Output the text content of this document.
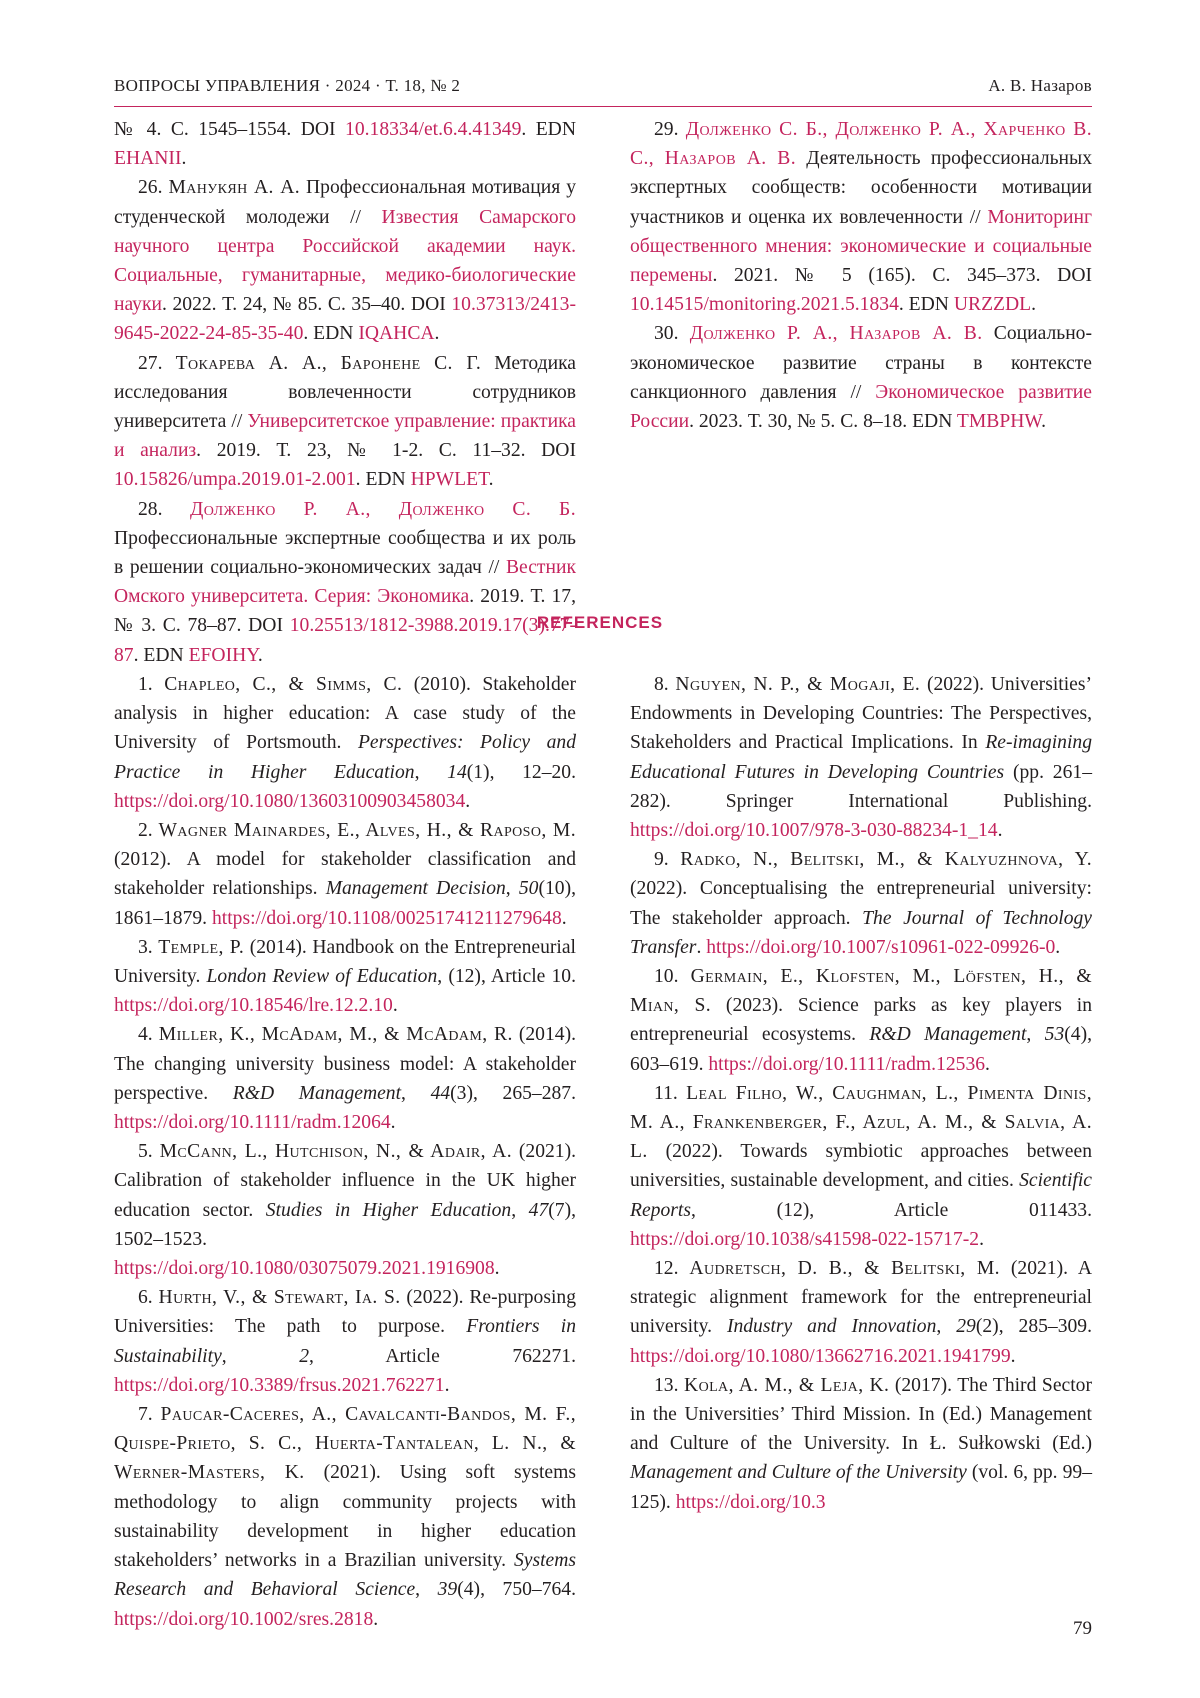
ВОПРОСЫ УПРАВЛЕНИЯ · 2024 · Т. 18, № 2	А. В. Назаров

№ 4. С. 1545–1554. DOI 10.18334/et.6.4.41349. EDN EHANII.

26. Манукян А. А. Профессиональная мотивация у студенческой молодежи // Известия Самарского научного центра Российской академии наук. Социальные, гуманитарные, медико-биологические науки. 2022. Т. 24, № 85. С. 35–40. DOI 10.37313/2413-9645-2022-24-85-35-40. EDN IQAHCA.

27. Токарева А. А., Баронене С. Г. Методика исследования вовлеченности сотрудников университета // Университетское управление: практика и анализ. 2019. Т. 23, № 1-2. С. 11–32. DOI 10.15826/umpa.2019.01-2.001. EDN HPWLET.

28. Долженко Р. А., Долженко С. Б. Профессиональные экспертные сообщества и их роль в решении социально-экономических задач // Вестник Омского университета. Серия: Экономика. 2019. Т. 17, № 3. С. 78–87. DOI 10.25513/1812-3988.2019.17(3).77-87. EDN EFOIHY.

29. Долженко С. Б., Долженко Р. А., Харченко В. С., Назаров А. В. Деятельность профессиональных экспертных сообществ: особенности мотивации участников и оценка их вовлеченности // Мониторинг общественного мнения: экономические и социальные перемены. 2021. № 5 (165). С. 345–373. DOI 10.14515/monitoring.2021.5.1834. EDN URZZDL.

30. Долженко Р. А., Назаров А. В. Социально-экономическое развитие страны в контексте санкционного давления // Экономическое развитие России. 2023. Т. 30, № 5. С. 8–18. EDN TMBPHW.

REFERENCES

1. Chapleo, C., & Simms, C. (2010). Stakeholder analysis in higher education: A case study of the University of Portsmouth. Perspectives: Policy and Practice in Higher Education, 14(1), 12–20. https://doi.org/10.1080/13603100903458034.

2. Wagner Mainardes, E., Alves, H., & Raposo, M. (2012). A model for stakeholder classification and stakeholder relationships. Management Decision, 50(10), 1861–1879. https://doi.org/10.1108/00251741211279648.

3. Temple, P. (2014). Handbook on the Entrepreneurial University. London Review of Education, (12), Article 10. https://doi.org/10.18546/lre.12.2.10.

4. Miller, K., McAdam, M., & McAdam, R. (2014). The changing university business model: A stakeholder perspective. R&D Management, 44(3), 265–287. https://doi.org/10.1111/radm.12064.

5. McCann, L., Hutchison, N., & Adair, A. (2021). Calibration of stakeholder influence in the UK higher education sector. Studies in Higher Education, 47(7), 1502–1523. https://doi.org/10.1080/03075079.2021.1916908.

6. Hurth, V., & Stewart, Ia. S. (2022). Re-purposing Universities: The path to purpose. Frontiers in Sustainability, 2, Article 762271. https://doi.org/10.3389/frsus.2021.762271.

7. Paucar-Caceres, A., Cavalcanti-Bandos, M. F., Quispe-Prieto, S. C., Huerta-Tantalean, L. N., & Werner-Masters, K. (2021). Using soft systems methodology to align community projects with sustainability development in higher education stakeholders’ networks in a Brazilian university. Systems Research and Behavioral Science, 39(4), 750–764. https://doi.org/10.1002/sres.2818.

8. Nguyen, N. P., & Mogaji, E. (2022). Universities’ Endowments in Developing Countries: The Perspectives, Stakeholders and Practical Implications. In Re-imagining Educational Futures in Developing Countries (pp. 261–282). Springer International Publishing. https://doi.org/10.1007/978-3-030-88234-1_14.

9. Radko, N., Belitski, M., & Kalyuzhnova, Y. (2022). Conceptualising the entrepreneurial university: The stakeholder approach. The Journal of Technology Transfer. https://doi.org/10.1007/s10961-022-09926-0.

10. Germain, E., Klofsten, M., Löfsten, H., & Mian, S. (2023). Science parks as key players in entrepreneurial ecosystems. R&D Management, 53(4), 603–619. https://doi.org/10.1111/radm.12536.

11. Leal Filho, W., Caughman, L., Pimenta Dinis, M. A., Frankenberger, F., Azul, A. M., & Salvia, A. L. (2022). Towards symbiotic approaches between universities, sustainable development, and cities. Scientific Reports, (12), Article 011433. https://doi.org/10.1038/s41598-022-15717-2.

12. Audretsch, D. B., & Belitski, M. (2021). A strategic alignment framework for the entrepreneurial university. Industry and Innovation, 29(2), 285–309. https://doi.org/10.1080/13662716.2021.1941799.

13. Kola, A. M., & Leja, K. (2017). The Third Sector in the Universities’ Third Mission. In (Ed.) Management and Culture of the University. In Ł. Sułkowski (Ed.) Management and Culture of the University (vol. 6, pp. 99–125). https://doi.org/10.3

79
